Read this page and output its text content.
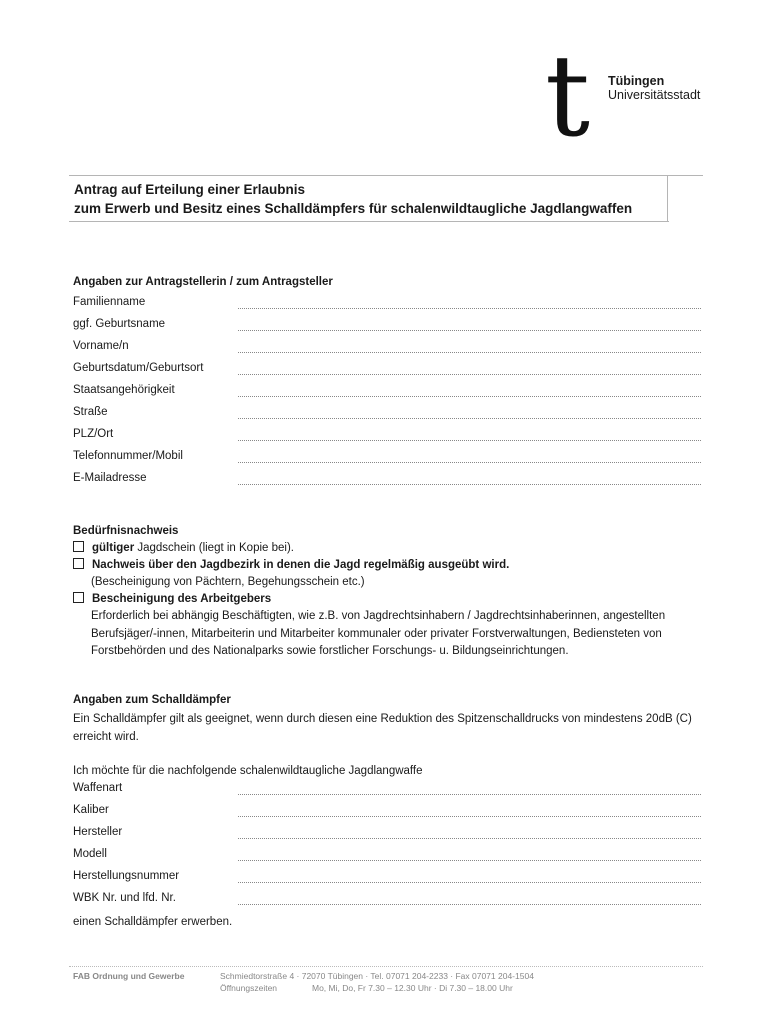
t	Tübingen
Universitätsstadt
Antrag auf Erteilung einer Erlaubnis
zum Erwerb und Besitz eines Schalldämpfers für schalenwildtaugliche Jagdlangwaffen
Angaben zur Antragstellerin / zum Antragsteller
Familienname
ggf. Geburtsname
Vorname/n
Geburtsdatum/Geburtsort
Staatsangehörigkeit
Straße
PLZ/Ort
Telefonnummer/Mobil
E-Mailadresse
Bedürfnisnachweis
gültiger Jagdschein (liegt in Kopie bei).
Nachweis über den Jagdbezirk in denen die Jagd regelmäßig ausgeübt wird.
(Bescheinigung von Pächtern, Begehungsschein etc.)
Bescheinigung des Arbeitgebers
Erforderlich bei abhängig Beschäftigten, wie z.B. von Jagdrechtsinhabern / Jagdrechtsinhaberinnen, angestellten
Berufsjäger/-innen, Mitarbeiterin und Mitarbeiter kommunaler oder privater Forstverwaltungen, Bediensteten von
Forstbehörden und des Nationalparks sowie forstlicher Forschungs- u. Bildungseinrichtungen.
Angaben zum Schalldämpfer
Ein Schalldämpfer gilt als geeignet, wenn durch diesen eine Reduktion des Spitzenschalldrucks von mindestens 20dB (C)
erreicht wird.
Ich möchte für die nachfolgende schalenwildtaugliche Jagdlangwaffe
Waffenart
Kaliber
Hersteller
Modell
Herstellungsnummer
WBK Nr. und lfd. Nr.
einen Schalldämpfer erwerben.
FAB Ordnung und Gewerbe	Schmiedtorstraße 4 · 72070 Tübingen · Tel. 07071 204-2233 · Fax 07071 204-1504
Öffnungszeiten	Mo, Mi, Do, Fr 7.30 – 12.30 Uhr · Di 7.30 – 18.00 Uhr
